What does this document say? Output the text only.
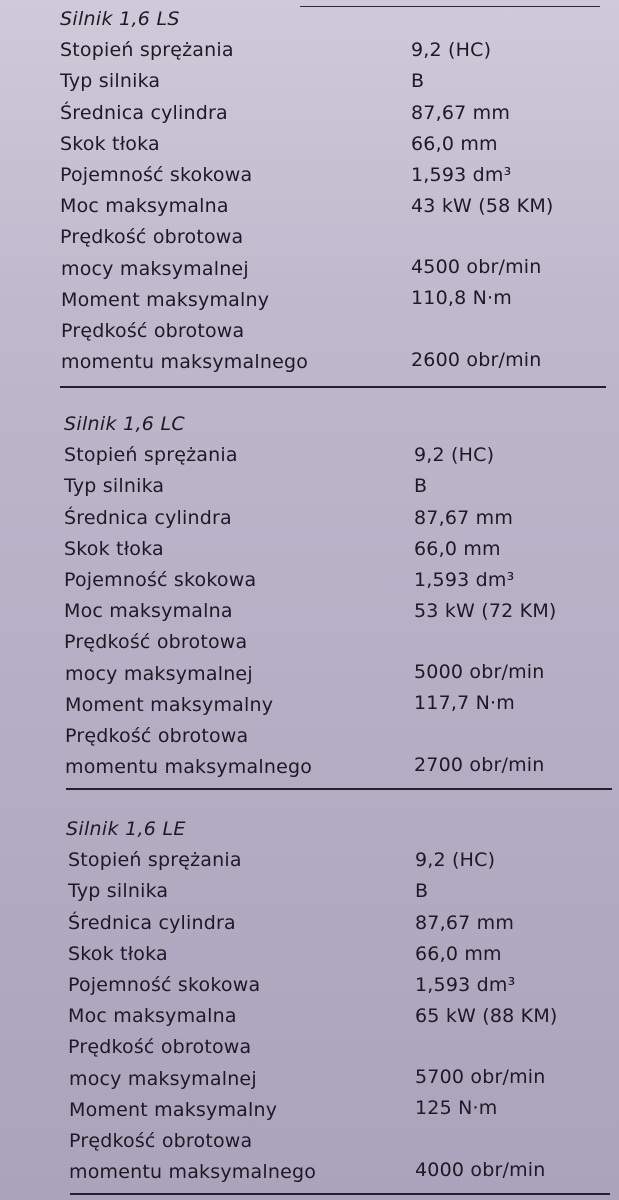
Silnik 1,6 LS
Stopień sprężania	9,2 (HC)
Typ silnika	B
Średnica cylindra	87,67 mm
Skok tłoka	66,0 mm
Pojemność skokowa	1,593 dm³
Moc maksymalna	43 kW (58 KM)
Prędkość obrotowa
mocy maksymalnej	4500 obr/min
Moment maksymalny	110,8 N·m
Prędkość obrotowa
momentu maksymalnego	2600 obr/min
Silnik 1,6 LC
Stopień sprężania	9,2 (HC)
Typ silnika	B
Średnica cylindra	87,67 mm
Skok tłoka	66,0 mm
Pojemność skokowa	1,593 dm³
Moc maksymalna	53 kW (72 KM)
Prędkość obrotowa
mocy maksymalnej	5000 obr/min
Moment maksymalny	117,7 N·m
Prędkość obrotowa
momentu maksymalnego	2700 obr/min
Silnik 1,6 LE
Stopień sprężania	9,2 (HC)
Typ silnika	B
Średnica cylindra	87,67 mm
Skok tłoka	66,0 mm
Pojemność skokowa	1,593 dm³
Moc maksymalna	65 kW (88 KM)
Prędkość obrotowa
mocy maksymalnej	5700 obr/min
Moment maksymalny	125 N·m
Prędkość obrotowa
momentu maksymalnego	4000 obr/min
